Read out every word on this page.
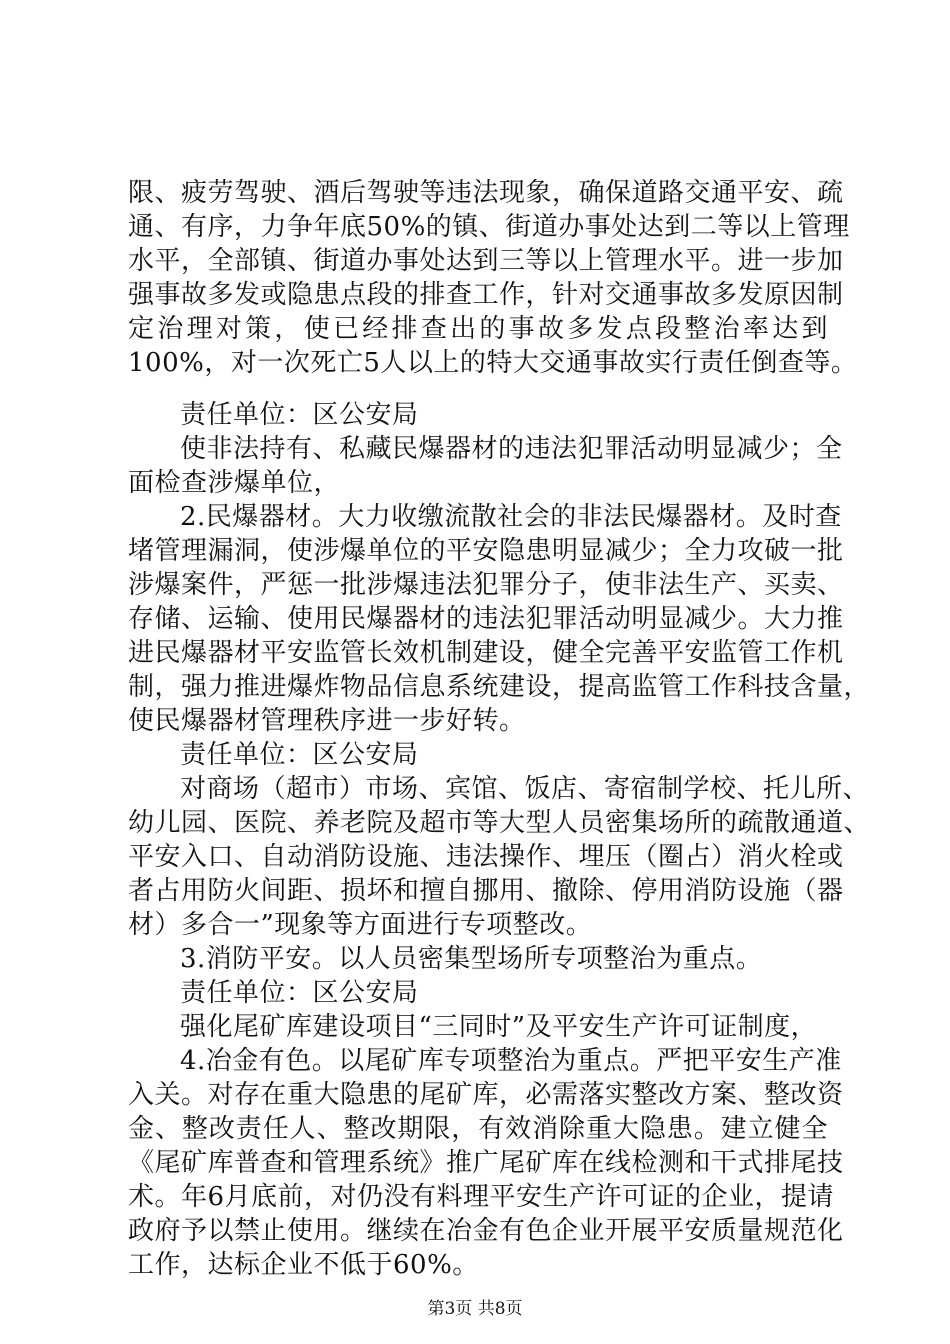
限、疲劳驾驶、酒后驾驶等违法现象，确保道路交通平安、疏
通、有序，力争年底50%的镇、街道办事处达到二等以上管理
水平，全部镇、街道办事处达到三等以上管理水平。进一步加
强事故多发或隐患点段的排查工作，针对交通事故多发原因制
定治理对策，使已经排查出的事故多发点段整治率达到
100%，对一次死亡5人以上的特大交通事故实行责任倒查等。
责任单位：区公安局
使非法持有、私藏民爆器材的违法犯罪活动明显减少；全
面检查涉爆单位，
2.民爆器材。大力收缴流散社会的非法民爆器材。及时查
堵管理漏洞，使涉爆单位的平安隐患明显减少；全力攻破一批
涉爆案件，严惩一批涉爆违法犯罪分子，使非法生产、买卖、
存储、运输、使用民爆器材的违法犯罪活动明显减少。大力推
进民爆器材平安监管长效机制建设，健全完善平安监管工作机
制，强力推进爆炸物品信息系统建设，提高监管工作科技含量，
使民爆器材管理秩序进一步好转。
责任单位：区公安局
对商场（超市）市场、宾馆、饭店、寄宿制学校、托儿所、
幼儿园、医院、养老院及超市等大型人员密集场所的疏散通道、
平安入口、自动消防设施、违法操作、埋压（圈占）消火栓或
者占用防火间距、损坏和擅自挪用、撤除、停用消防设施（器
材）多合一”现象等方面进行专项整改。
3.消防平安。以人员密集型场所专项整治为重点。
责任单位：区公安局
强化尾矿库建设项目“三同时”及平安生产许可证制度，
4.冶金有色。以尾矿库专项整治为重点。严把平安生产准
入关。对存在重大隐患的尾矿库，必需落实整改方案、整改资
金、整改责任人、整改期限，有效消除重大隐患。建立健全
《尾矿库普查和管理系统》推广尾矿库在线检测和干式排尾技
术。年6月底前，对仍没有料理平安生产许可证的企业，提请
政府予以禁止使用。继续在冶金有色企业开展平安质量规范化
工作，达标企业不低于60%。
第3页 共8页
